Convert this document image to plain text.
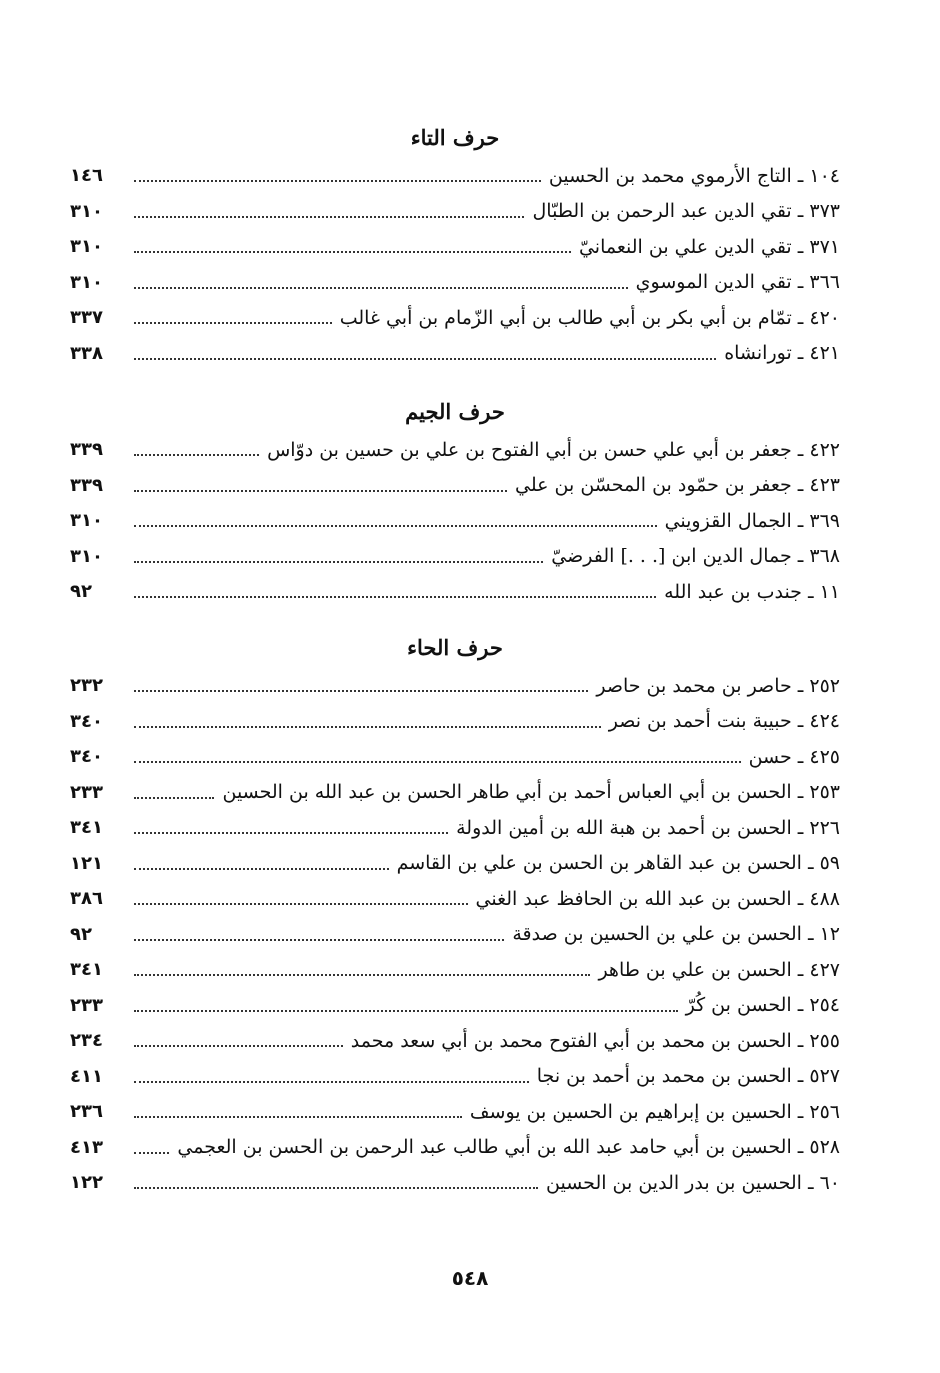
حرف التاء
١٠٤ ـ التاج الأرموي محمد بن الحسين
١٤٦
٣٧٣ ـ تقي الدين عبد الرحمن بن الطبّال
٣١٠
٣٧١ ـ تقي الدين علي بن النعمانيّ
٣١٠
٣٦٦ ـ تقي الدين الموسوي
٣١٠
٤٢٠ ـ تمّام بن أبي بكر بن أبي طالب بن أبي الزّمام بن أبي غالب
٣٣٧
٤٢١ ـ تورانشاه
٣٣٨
حرف الجيم
٤٢٢ ـ جعفر بن أبي علي حسن بن أبي الفتوح بن علي بن حسين بن دوّاس
٣٣٩
٤٢٣ ـ جعفر بن حمّود بن المحسّن بن علي
٣٣٩
٣٦٩ ـ الجمال القزويني
٣١٠
٣٦٨ ـ جمال الدين ابن [. . .] الفرضيّ
٣١٠
١١ ـ جندب بن عبد الله
٩٢
حرف الحاء
٢٥٢ ـ حاصر بن محمد بن حاصر
٢٣٢
٤٢٤ ـ حبيبة بنت أحمد بن نصر
٣٤٠
٤٢٥ ـ حسن
٣٤٠
٢٥٣ ـ الحسن بن أبي العباس أحمد بن أبي طاهر الحسن بن عبد الله بن الحسين
٢٣٣
٢٢٦ ـ الحسن بن أحمد بن هبة الله بن أمين الدولة
٣٤١
٥٩ ـ الحسن بن عبد القاهر بن الحسن بن علي بن القاسم
١٢١
٤٨٨ ـ الحسن بن عبد الله بن الحافظ عبد الغني
٣٨٦
١٢ ـ الحسن بن علي بن الحسين بن صدقة
٩٢
٤٢٧ ـ الحسن بن علي بن طاهر
٣٤١
٢٥٤ ـ الحسن بن كُرّ
٢٣٣
٢٥٥ ـ الحسن بن محمد بن أبي الفتوح محمد بن أبي سعد محمد
٢٣٤
٥٢٧ ـ الحسن بن محمد بن أحمد بن نجا
٤١١
٢٥٦ ـ الحسين بن إبراهيم بن الحسين بن يوسف
٢٣٦
٥٢٨ ـ الحسين بن أبي حامد عبد الله بن أبي طالب عبد الرحمن بن الحسن بن العجمي
٤١٣
٦٠ ـ الحسين بن بدر الدين بن الحسين
١٢٢
٥٤٨
